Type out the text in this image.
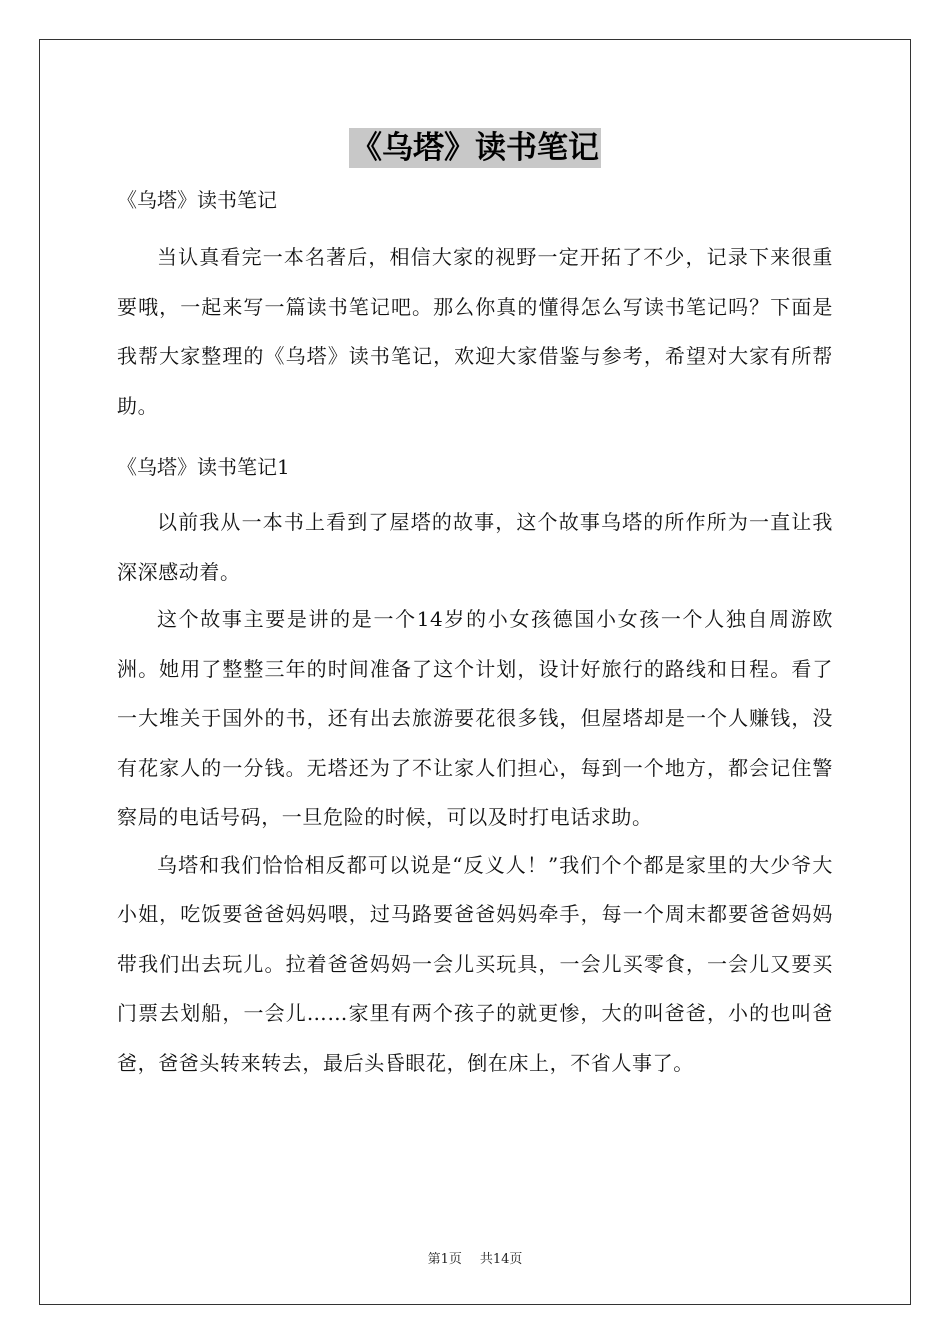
《乌塔》读书笔记

《乌塔》读书笔记

当认真看完一本名著后，相信大家的视野一定开拓了不少，记录下来很重要哦，一起来写一篇读书笔记吧。那么你真的懂得怎么写读书笔记吗？下面是我帮大家整理的《乌塔》读书笔记，欢迎大家借鉴与参考，希望对大家有所帮助。

《乌塔》读书笔记1

以前我从一本书上看到了屋塔的故事，这个故事乌塔的所作所为一直让我深深感动着。

这个故事主要是讲的是一个14岁的小女孩德国小女孩一个人独自周游欧洲。她用了整整三年的时间准备了这个计划，设计好旅行的路线和日程。看了一大堆关于国外的书，还有出去旅游要花很多钱，但屋塔却是一个人赚钱，没有花家人的一分钱。无塔还为了不让家人们担心，每到一个地方，都会记住警察局的电话号码，一旦危险的时候，可以及时打电话求助。

乌塔和我们恰恰相反都可以说是“反义人！”我们个个都是家里的大少爷大小姐，吃饭要爸爸妈妈喂，过马路要爸爸妈妈牵手，每一个周末都要爸爸妈妈带我们出去玩儿。拉着爸爸妈妈一会儿买玩具，一会儿买零食，一会儿又要买门票去划船，一会儿……家里有两个孩子的就更惨，大的叫爸爸，小的也叫爸爸，爸爸头转来转去，最后头昏眼花，倒在床上，不省人事了。

第1页 共14页
